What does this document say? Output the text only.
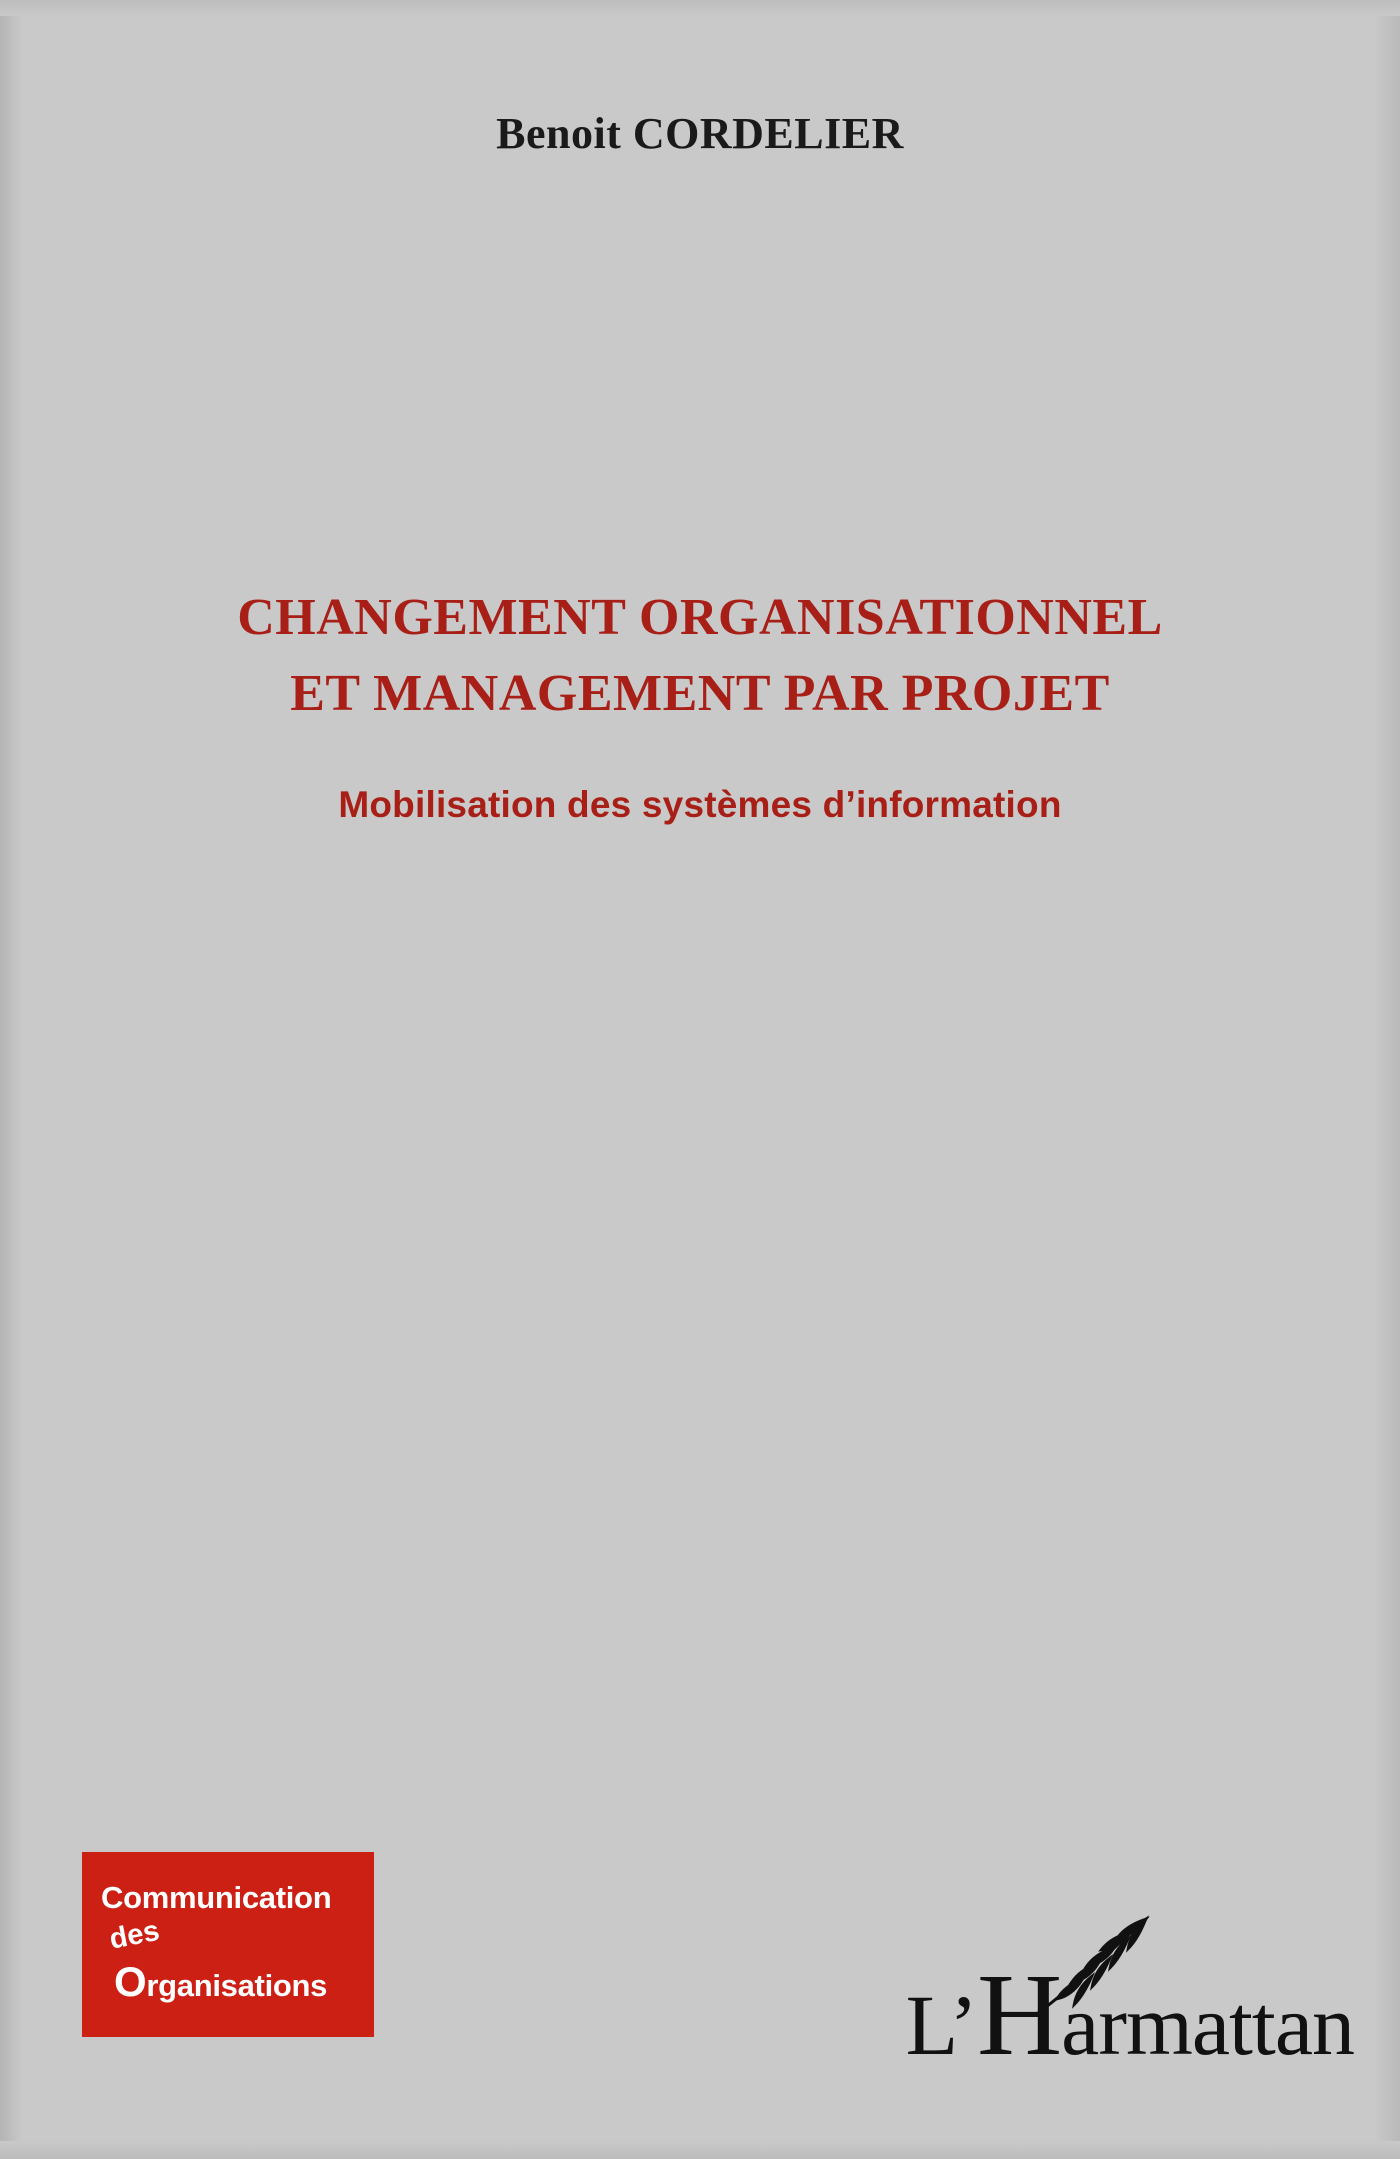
Benoit CORDELIER
CHANGEMENT ORGANISATIONNEL
ET MANAGEMENT PAR PROJET
Mobilisation des systèmes d’information
Communication
des
Organisations	L’Harmattan
